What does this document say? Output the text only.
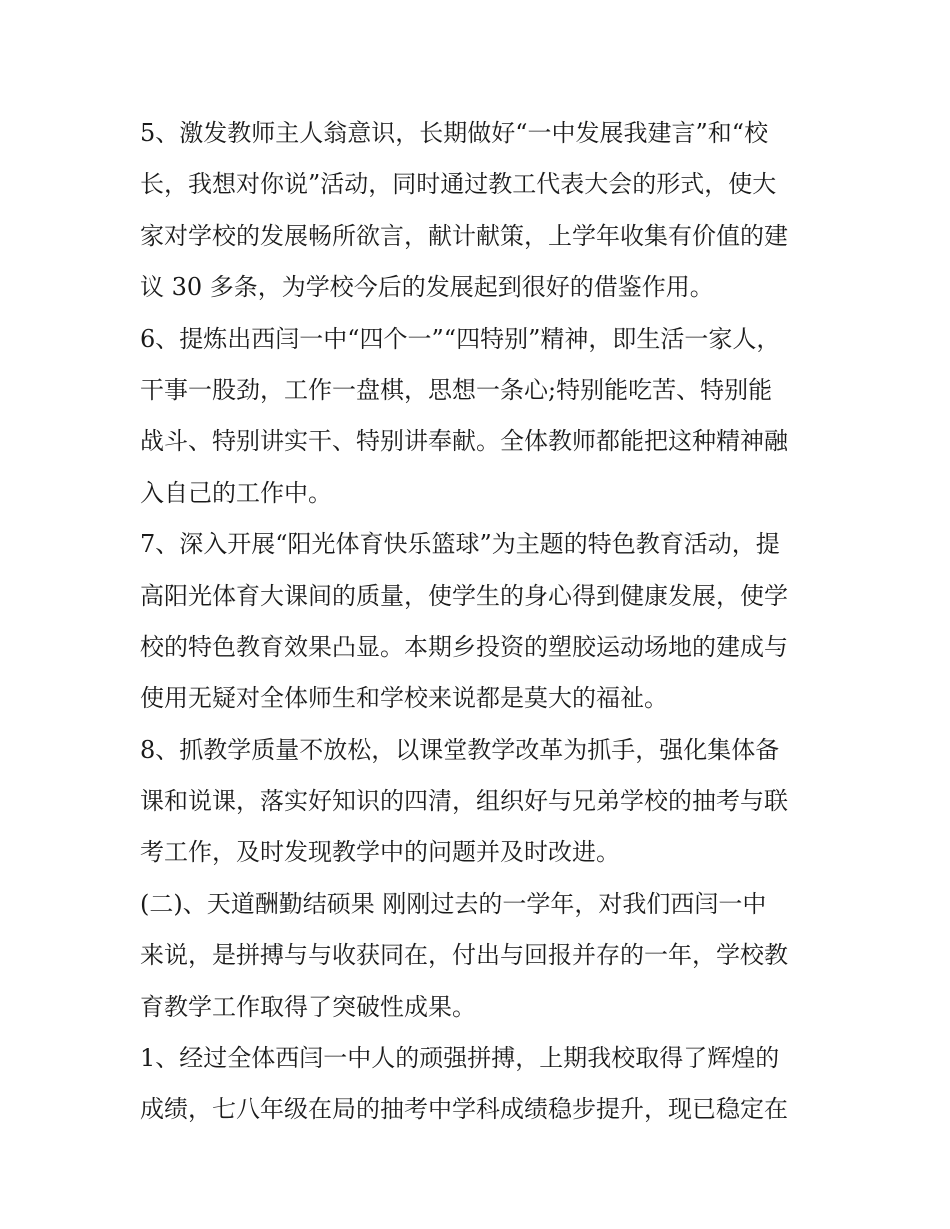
5、激发教师主人翁意识，长期做好“一中发展我建言”和“校
长，我想对你说”活动，同时通过教工代表大会的形式，使大
家对学校的发展畅所欲言，献计献策，上学年收集有价值的建
议 30 多条，为学校今后的发展起到很好的借鉴作用。
6、提炼出西闫一中“四个一”“四特别”精神，即生活一家人，
干事一股劲，工作一盘棋，思想一条心;特别能吃苦、特别能
战斗、特别讲实干、特别讲奉献。全体教师都能把这种精神融
入自己的工作中。
7、深入开展“阳光体育快乐篮球”为主题的特色教育活动，提
高阳光体育大课间的质量，使学生的身心得到健康发展，使学
校的特色教育效果凸显。本期乡投资的塑胶运动场地的建成与
使用无疑对全体师生和学校来说都是莫大的福祉。
8、抓教学质量不放松，以课堂教学改革为抓手，强化集体备
课和说课，落实好知识的四清，组织好与兄弟学校的抽考与联
考工作，及时发现教学中的问题并及时改进。
(二)、天道酬勤结硕果 刚刚过去的一学年，对我们西闫一中
来说，是拼搏与与收获同在，付出与回报并存的一年，学校教
育教学工作取得了突破性成果。
1、经过全体西闫一中人的顽强拼搏，上期我校取得了辉煌的
成绩，七八年级在局的抽考中学科成绩稳步提升，现已稳定在
